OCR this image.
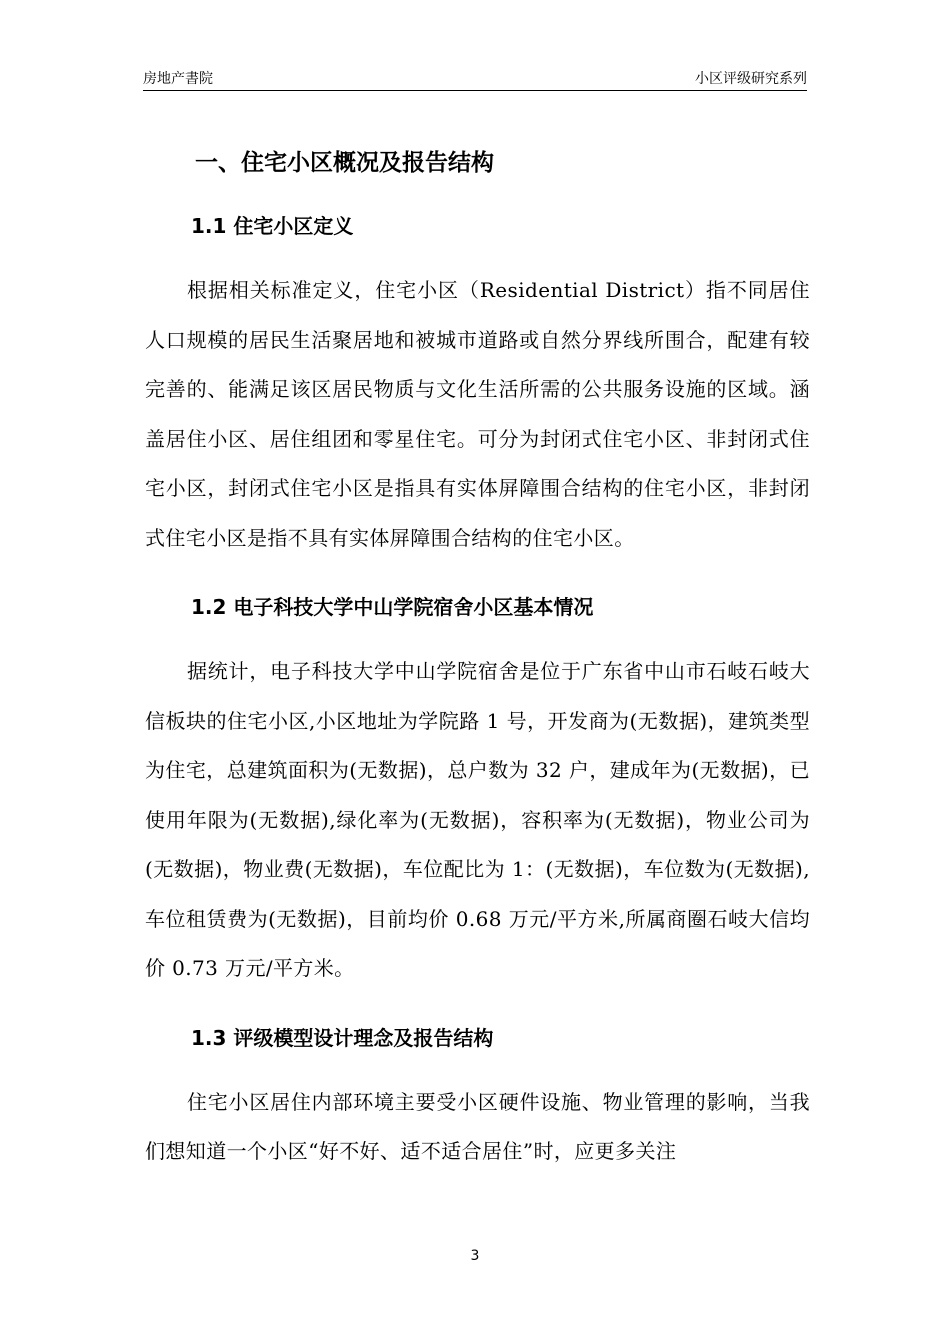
房地产書院	小区评级研究系列
一、住宅小区概况及报告结构
1.1 住宅小区定义

根据相关标准定义，住宅小区（Residential District）指不同居住人口规模的居民生活聚居地和被城市道路或自然分界线所围合，配建有较完善的、能满足该区居民物质与文化生活所需的公共服务设施的区域。涵盖居住小区、居住组团和零星住宅。可分为封闭式住宅小区、非封闭式住宅小区，封闭式住宅小区是指具有实体屏障围合结构的住宅小区，非封闭式住宅小区是指不具有实体屏障围合结构的住宅小区。

1.2 电子科技大学中山学院宿舍小区基本情况

据统计，电子科技大学中山学院宿舍是位于广东省中山市石岐石岐大信板块的住宅小区,小区地址为学院路 1 号，开发商为(无数据)，建筑类型为住宅，总建筑面积为(无数据)，总户数为 32 户，建成年为(无数据)，已使用年限为(无数据),绿化率为(无数据)，容积率为(无数据)，物业公司为(无数据)，物业费(无数据)，车位配比为 1：(无数据)，车位数为(无数据),车位租赁费为(无数据)，目前均价 0.68 万元/平方米,所属商圈石岐大信均价 0.73 万元/平方米。

1.3 评级模型设计理念及报告结构

住宅小区居住内部环境主要受小区硬件设施、物业管理的影响，当我们想知道一个小区“好不好、适不适合居住”时，应更多关注

3
